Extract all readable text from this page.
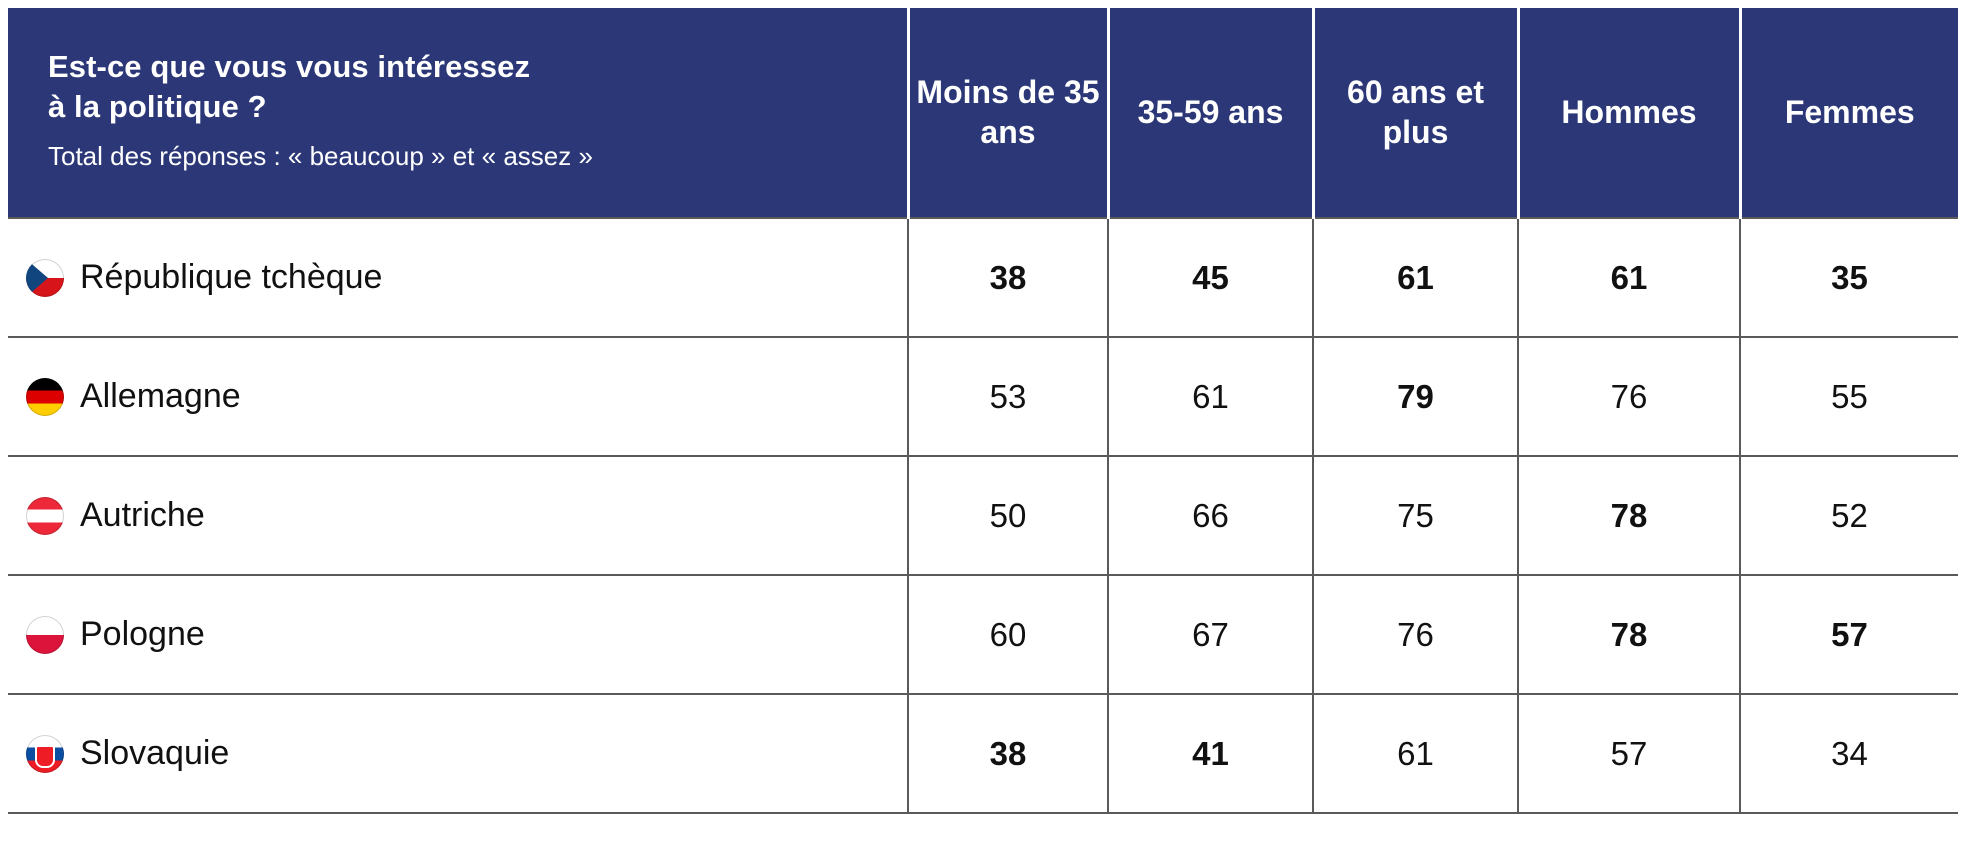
Est-ce que vous vous intéressez
à la politique ?
Total des réponses : « beaucoup » et « assez »	Moins de 35 ans	35-59 ans	60 ans et plus	Hommes	Femmes

République tchèque	38	45	61	61	35

Allemagne	53	61	79	76	55

Autriche	50	66	75	78	52

Pologne	60	67	76	78	57

Slovaquie	38	41	61	57	34
